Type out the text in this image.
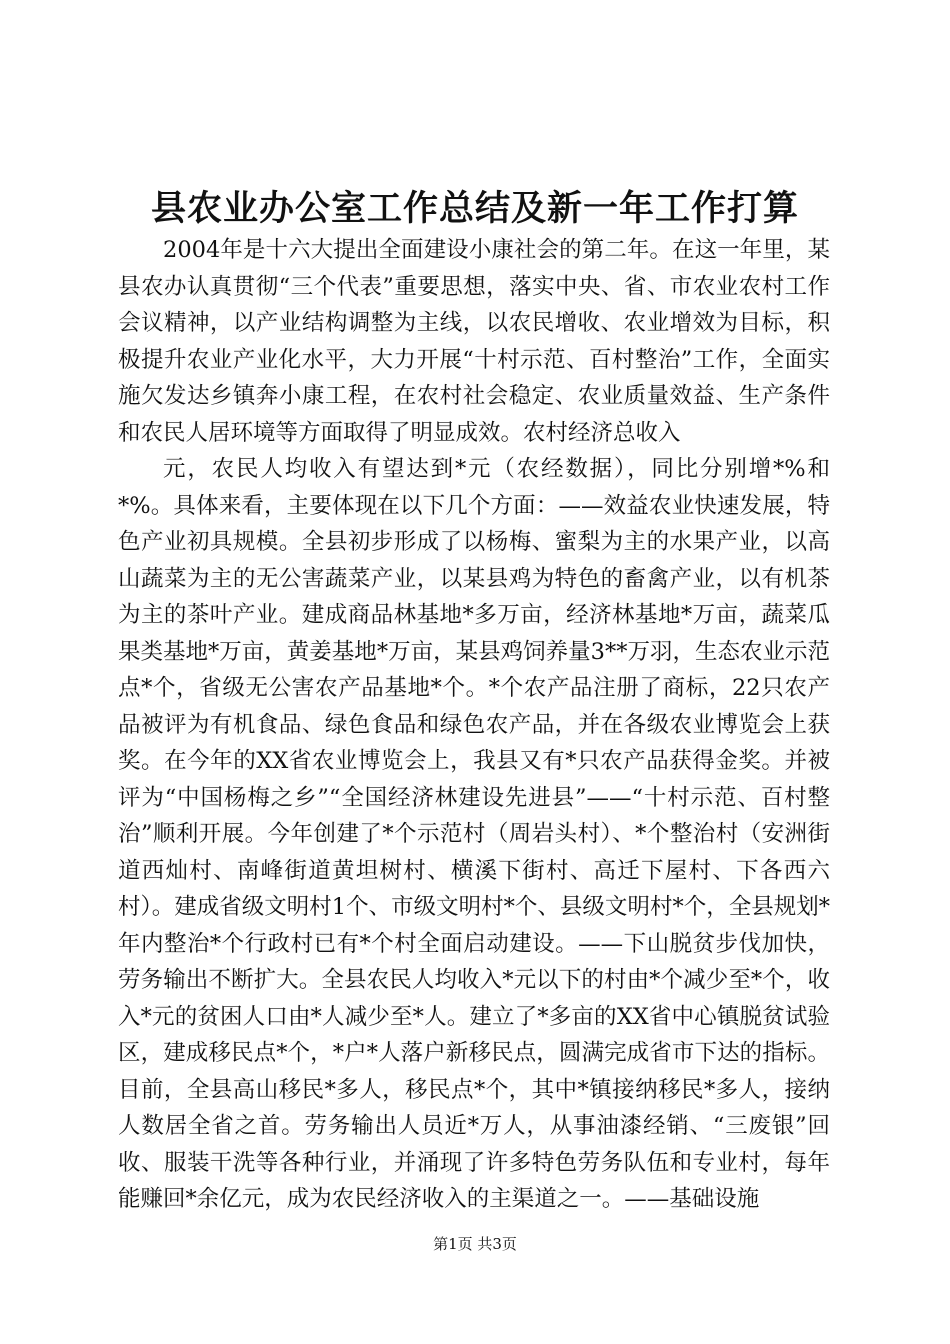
县农业办公室工作总结及新一年工作打算

2004年是十六大提出全面建设小康社会的第二年。在这一年里，某县农办认真贯彻“三个代表”重要思想，落实中央、省、市农业农村工作会议精神，以产业结构调整为主线，以农民增收、农业增效为目标，积极提升农业产业化水平，大力开展“十村示范、百村整治”工作，全面实施欠发达乡镇奔小康工程，在农村社会稳定、农业质量效益、生产条件和农民人居环境等方面取得了明显成效。农村经济总收入

元，农民人均收入有望达到*元（农经数据），同比分别增*%和*%。具体来看，主要体现在以下几个方面：——效益农业快速发展，特色产业初具规模。全县初步形成了以杨梅、蜜梨为主的水果产业，以高山蔬菜为主的无公害蔬菜产业，以某县鸡为特色的畜禽产业，以有机茶为主的茶叶产业。建成商品林基地*多万亩，经济林基地*万亩，蔬菜瓜果类基地*万亩，黄姜基地*万亩，某县鸡饲养量3**万羽，生态农业示范点*个，省级无公害农产品基地*个。*个农产品注册了商标，22只农产品被评为有机食品、绿色食品和绿色农产品，并在各级农业博览会上获奖。在今年的XX省农业博览会上，我县又有*只农产品获得金奖。并被评为“中国杨梅之乡”“全国经济林建设先进县”——“十村示范、百村整治”顺利开展。今年创建了*个示范村（周岩头村）、*个整治村（安洲街道西灿村、南峰街道黄坦树村、横溪下街村、高迁下屋村、下各西六村）。建成省级文明村1个、市级文明村*个、县级文明村*个，全县规划*年内整治*个行政村已有*个村全面启动建设。——下山脱贫步伐加快，劳务输出不断扩大。全县农民人均收入*元以下的村由*个减少至*个，收入*元的贫困人口由*人减少至*人。建立了*多亩的XX省中心镇脱贫试验区，建成移民点*个，*户*人落户新移民点，圆满完成省市下达的指标。目前，全县高山移民*多人，移民点*个，其中*镇接纳移民*多人，接纳人数居全省之首。劳务输出人员近*万人，从事油漆经销、“三废银”回收、服装干洗等各种行业，并涌现了许多特色劳务队伍和专业村，每年能赚回*余亿元，成为农民经济收入的主渠道之一。——基础设施

第1页 共3页
